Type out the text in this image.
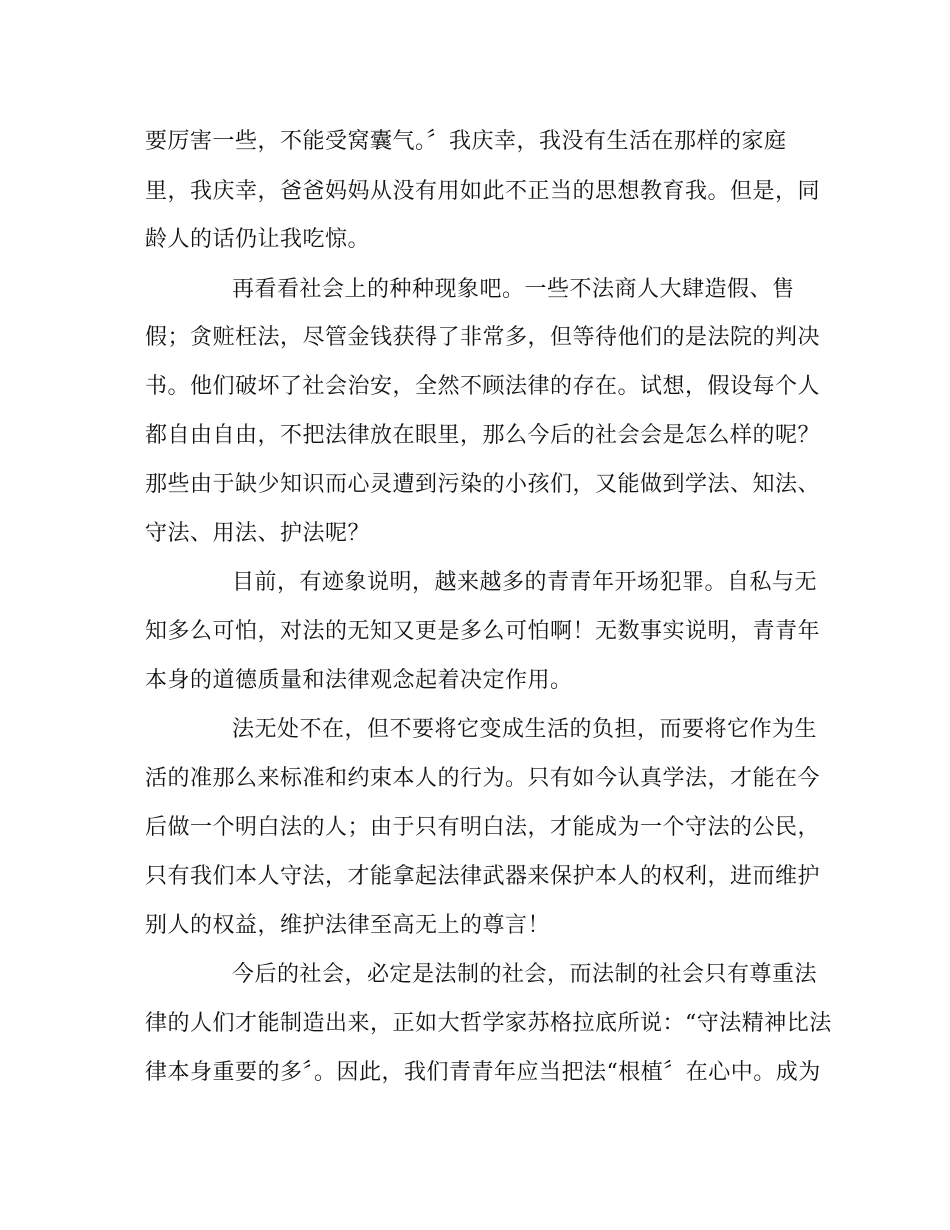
要厉害一些，不能受窝囊气。〞我庆幸，我没有生活在那样的家庭
里，我庆幸，爸爸妈妈从没有用如此不正当的思想教育我。但是，同
龄人的话仍让我吃惊。
再看看社会上的种种现象吧。一些不法商人大肆造假、售
假；贪赃枉法，尽管金钱获得了非常多，但等待他们的是法院的判决
书。他们破坏了社会治安，全然不顾法律的存在。试想，假设每个人
都自由自由，不把法律放在眼里，那么今后的社会会是怎么样的呢？
那些由于缺少知识而心灵遭到污染的小孩们，又能做到学法、知法、
守法、用法、护法呢？
目前，有迹象说明，越来越多的青青年开场犯罪。自私与无
知多么可怕，对法的无知又更是多么可怕啊！无数事实说明，青青年
本身的道德质量和法律观念起着决定作用。
法无处不在，但不要将它变成生活的负担，而要将它作为生
活的准那么来标准和约束本人的行为。只有如今认真学法，才能在今
后做一个明白法的人；由于只有明白法，才能成为一个守法的公民，
只有我们本人守法，才能拿起法律武器来保护本人的权利，进而维护
别人的权益，维护法律至高无上的尊言！
今后的社会，必定是法制的社会，而法制的社会只有尊重法
律的人们才能制造出来，正如大哲学家苏格拉底所说：“守法精神比法
律本身重要的多〞。因此，我们青青年应当把法“根植〞在心中。成为
